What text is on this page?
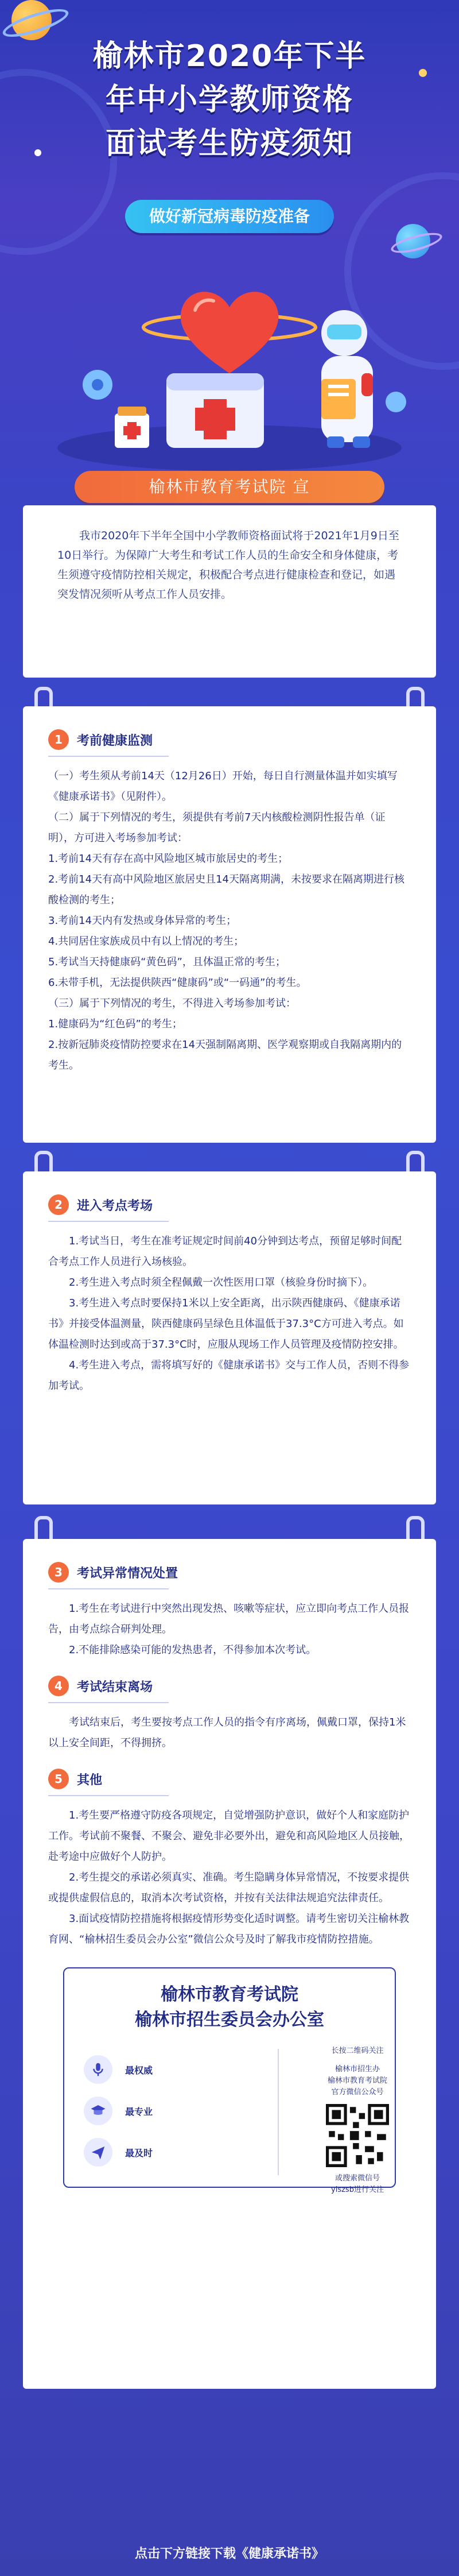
榆林市2020年下半
年中小学教师资格
面试考生防疫须知
做好新冠病毒防疫准备
榆林市教育考试院 宣

我市2020年下半年全国中小学教师资格面试将于2021年1月9日至10日举行。为保障广大考生和考试工作人员的生命安全和身体健康，考生须遵守疫情防控相关规定，积极配合考点进行健康检查和登记，如遇突发情况须听从考点工作人员安排。

1	考前健康监测

（一）考生须从考前14天（12月26日）开始，每日自行测量体温并如实填写《健康承诺书》（见附件）。

（二）属于下列情况的考生，须提供有考前7天内核酸检测阴性报告单（证明），方可进入考场参加考试：

1.考前14天有存在高中风险地区城市旅居史的考生；

2.考前14天有高中风险地区旅居史且14天隔离期满，未按要求在隔离期进行核酸检测的考生；

3.考前14天内有发热或身体异常的考生；

4.共同居住家族成员中有以上情况的考生；

5.考试当天持健康码“黄色码”，且体温正常的考生；

6.未带手机，无法提供陕西“健康码”或“一码通”的考生。

（三）属于下列情况的考生，不得进入考场参加考试：

1.健康码为“红色码”的考生；

2.按新冠肺炎疫情防控要求在14天强制隔离期、医学观察期或自我隔离期内的考生。

2	进入考点考场

1.考试当日，考生在准考证规定时间前40分钟到达考点，预留足够时间配合考点工作人员进行入场核验。

2.考生进入考点时须全程佩戴一次性医用口罩（核验身份时摘下）。

3.考生进入考点时要保持1米以上安全距离，出示陕西健康码、《健康承诺书》并接受体温测量，陕西健康码呈绿色且体温低于37.3°C方可进入考点。如体温检测时达到或高于37.3°C时，应服从现场工作人员管理及疫情防控安排。

4.考生进入考点，需将填写好的《健康承诺书》交与工作人员，否则不得参加考试。

3	考试异常情况处置

1.考生在考试进行中突然出现发热、咳嗽等症状，应立即向考点工作人员报告，由考点综合研判处理。

2.不能排除感染可能的发热患者，不得参加本次考试。

4	考试结束离场

考试结束后，考生要按考点工作人员的指令有序离场，佩戴口罩，保持1米以上安全间距，不得拥挤。

5	其他

1.考生要严格遵守防疫各项规定，自觉增强防护意识，做好个人和家庭防护工作。考试前不聚餐、不聚会、避免非必要外出，避免和高风险地区人员接触，赴考途中应做好个人防护。

2.考生提交的承诺必须真实、准确。考生隐瞒身体异常情况，不按要求提供或提供虚假信息的，取消本次考试资格，并按有关法律法规追究法律责任。

3.面试疫情防控措施将根据疫情形势变化适时调整。请考生密切关注榆林教育网、“榆林招生委员会办公室”微信公众号及时了解我市疫情防控措施。

榆林市教育考试院
榆林市招生委员会办公室
最权威
最专业
最及时
长按二维码关注
榆林市招生办
榆林市教育考试院
官方微信公众号
或搜索微信号
ylszsb进行关注
点击下方链接下载《健康承诺书》
